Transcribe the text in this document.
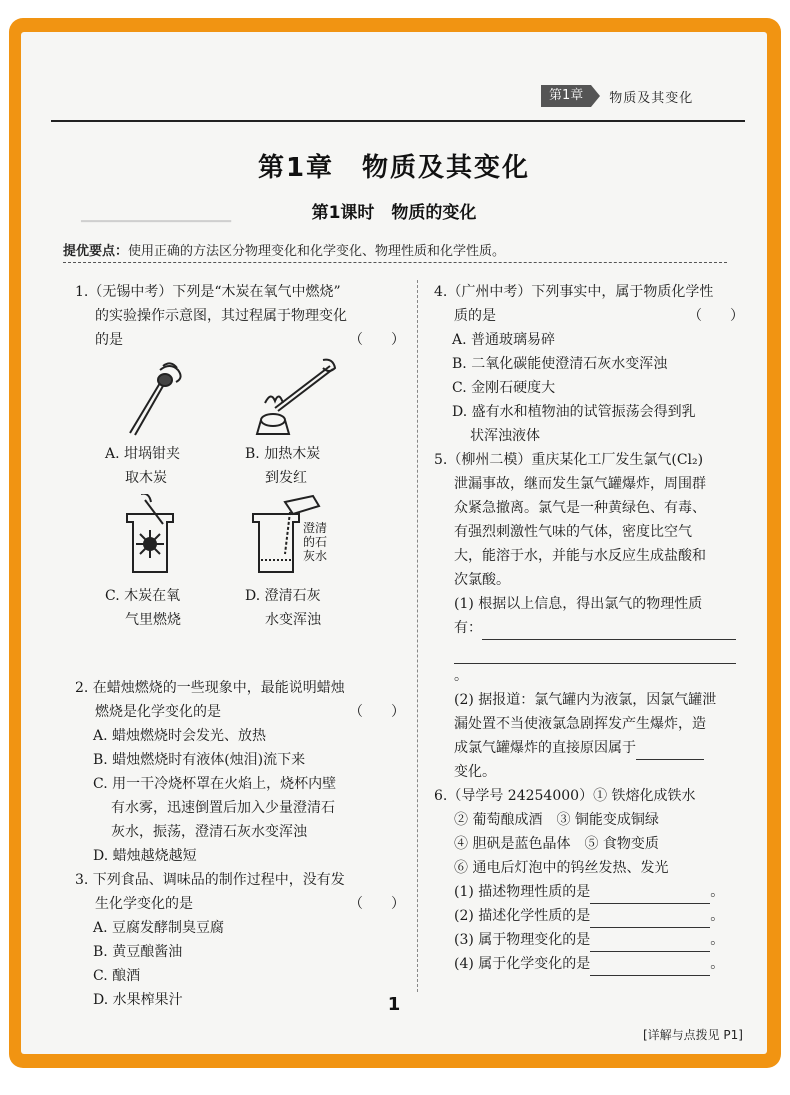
▁▁▁▁▁▁▁▁▁▁▁▁▁▁▁
第1章	物质及其变化
第1章　物质及其变化
第1课时　物质的变化
提优要点：使用正确的方法区分物理变化和化学变化、物理性质和化学性质。
1.（无锡中考）下列是“木炭在氧气中燃烧”
的实验操作示意图，其过程属于物理变化
的是	（　　）
A. 坩埚钳夹
取木炭
B. 加热木炭
到发红
澄清
的石
灰水
C. 木炭在氧
气里燃烧
D. 澄清石灰
水变浑浊
2. 在蜡烛燃烧的一些现象中，最能说明蜡烛
燃烧是化学变化的是	（　　）
A. 蜡烛燃烧时会发光、放热
B. 蜡烛燃烧时有液体(烛泪)流下来
C. 用一干冷烧杯罩在火焰上，烧杯内壁
有水雾，迅速倒置后加入少量澄清石
灰水，振荡，澄清石灰水变浑浊
D. 蜡烛越烧越短
3. 下列食品、调味品的制作过程中，没有发
生化学变化的是	（　　）
A. 豆腐发酵制臭豆腐
B. 黄豆酿酱油
C. 酿酒
D. 水果榨果汁
4.（广州中考）下列事实中，属于物质化学性
质的是	（　　）
A. 普通玻璃易碎
B. 二氧化碳能使澄清石灰水变浑浊
C. 金刚石硬度大
D. 盛有水和植物油的试管振荡会得到乳
状浑浊液体
5.（柳州二模）重庆某化工厂发生氯气(Cl₂)
泄漏事故，继而发生氯气罐爆炸，周围群
众紧急撤离。氯气是一种黄绿色、有毒、
有强烈刺激性气味的气体，密度比空气
大，能溶于水，并能与水反应生成盐酸和
次氯酸。
(1) 根据以上信息，得出氯气的物理性质
有：
。
(2) 据报道：氯气罐内为液氯，因氯气罐泄
漏处置不当使液氯急剧挥发产生爆炸，造
成氯气罐爆炸的直接原因属于
变化。
6.（导学号 24254000）① 铁熔化成铁水
② 葡萄酿成酒　③ 铜能变成铜绿
④ 胆矾是蓝色晶体　⑤ 食物变质
⑥ 通电后灯泡中的钨丝发热、发光
(1) 描述物理性质的是	。
(2) 描述化学性质的是	。
(3) 属于物理变化的是	。
(4) 属于化学变化的是	。
1
[详解与点拨见 P1]
